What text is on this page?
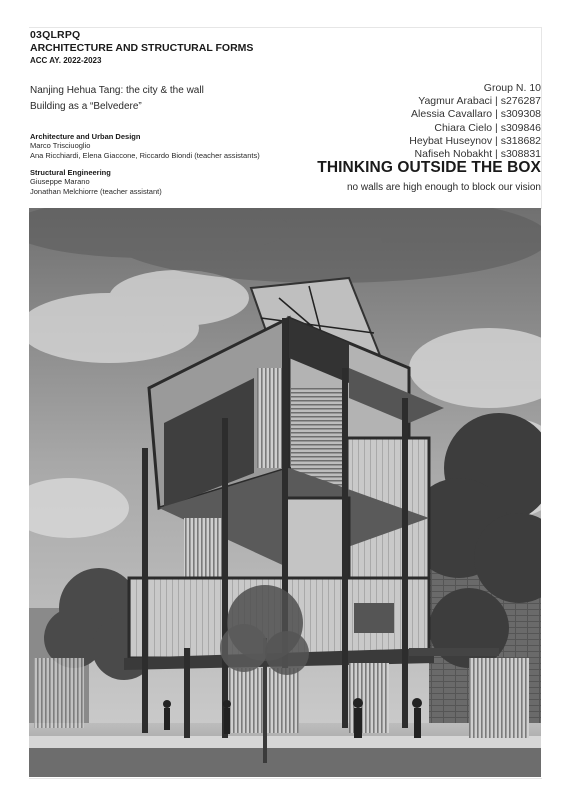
03QLRPQ
ARCHITECTURE AND STRUCTURAL FORMS
ACC AY. 2022-2023
Nanjing Hehua Tang: the city & the wall
Building as a “Belvedere”
Architecture and Urban Design
Marco Trisciuoglio
Ana Ricchiardi, Elena Giaccone, Riccardo Biondi (teacher assistants)
Structural Engineering
Giuseppe Marano
Jonathan Melchiorre (teacher assistant)
Group N. 10
Yagmur Arabaci | s276287
Alessia Cavallaro | s309308
Chiara Cielo | s309846
Heybat Huseynov | s318682
Nafiseh Nobakht | s308831
THINKING OUTSIDE THE BOX
no walls are high enough to block our vision
